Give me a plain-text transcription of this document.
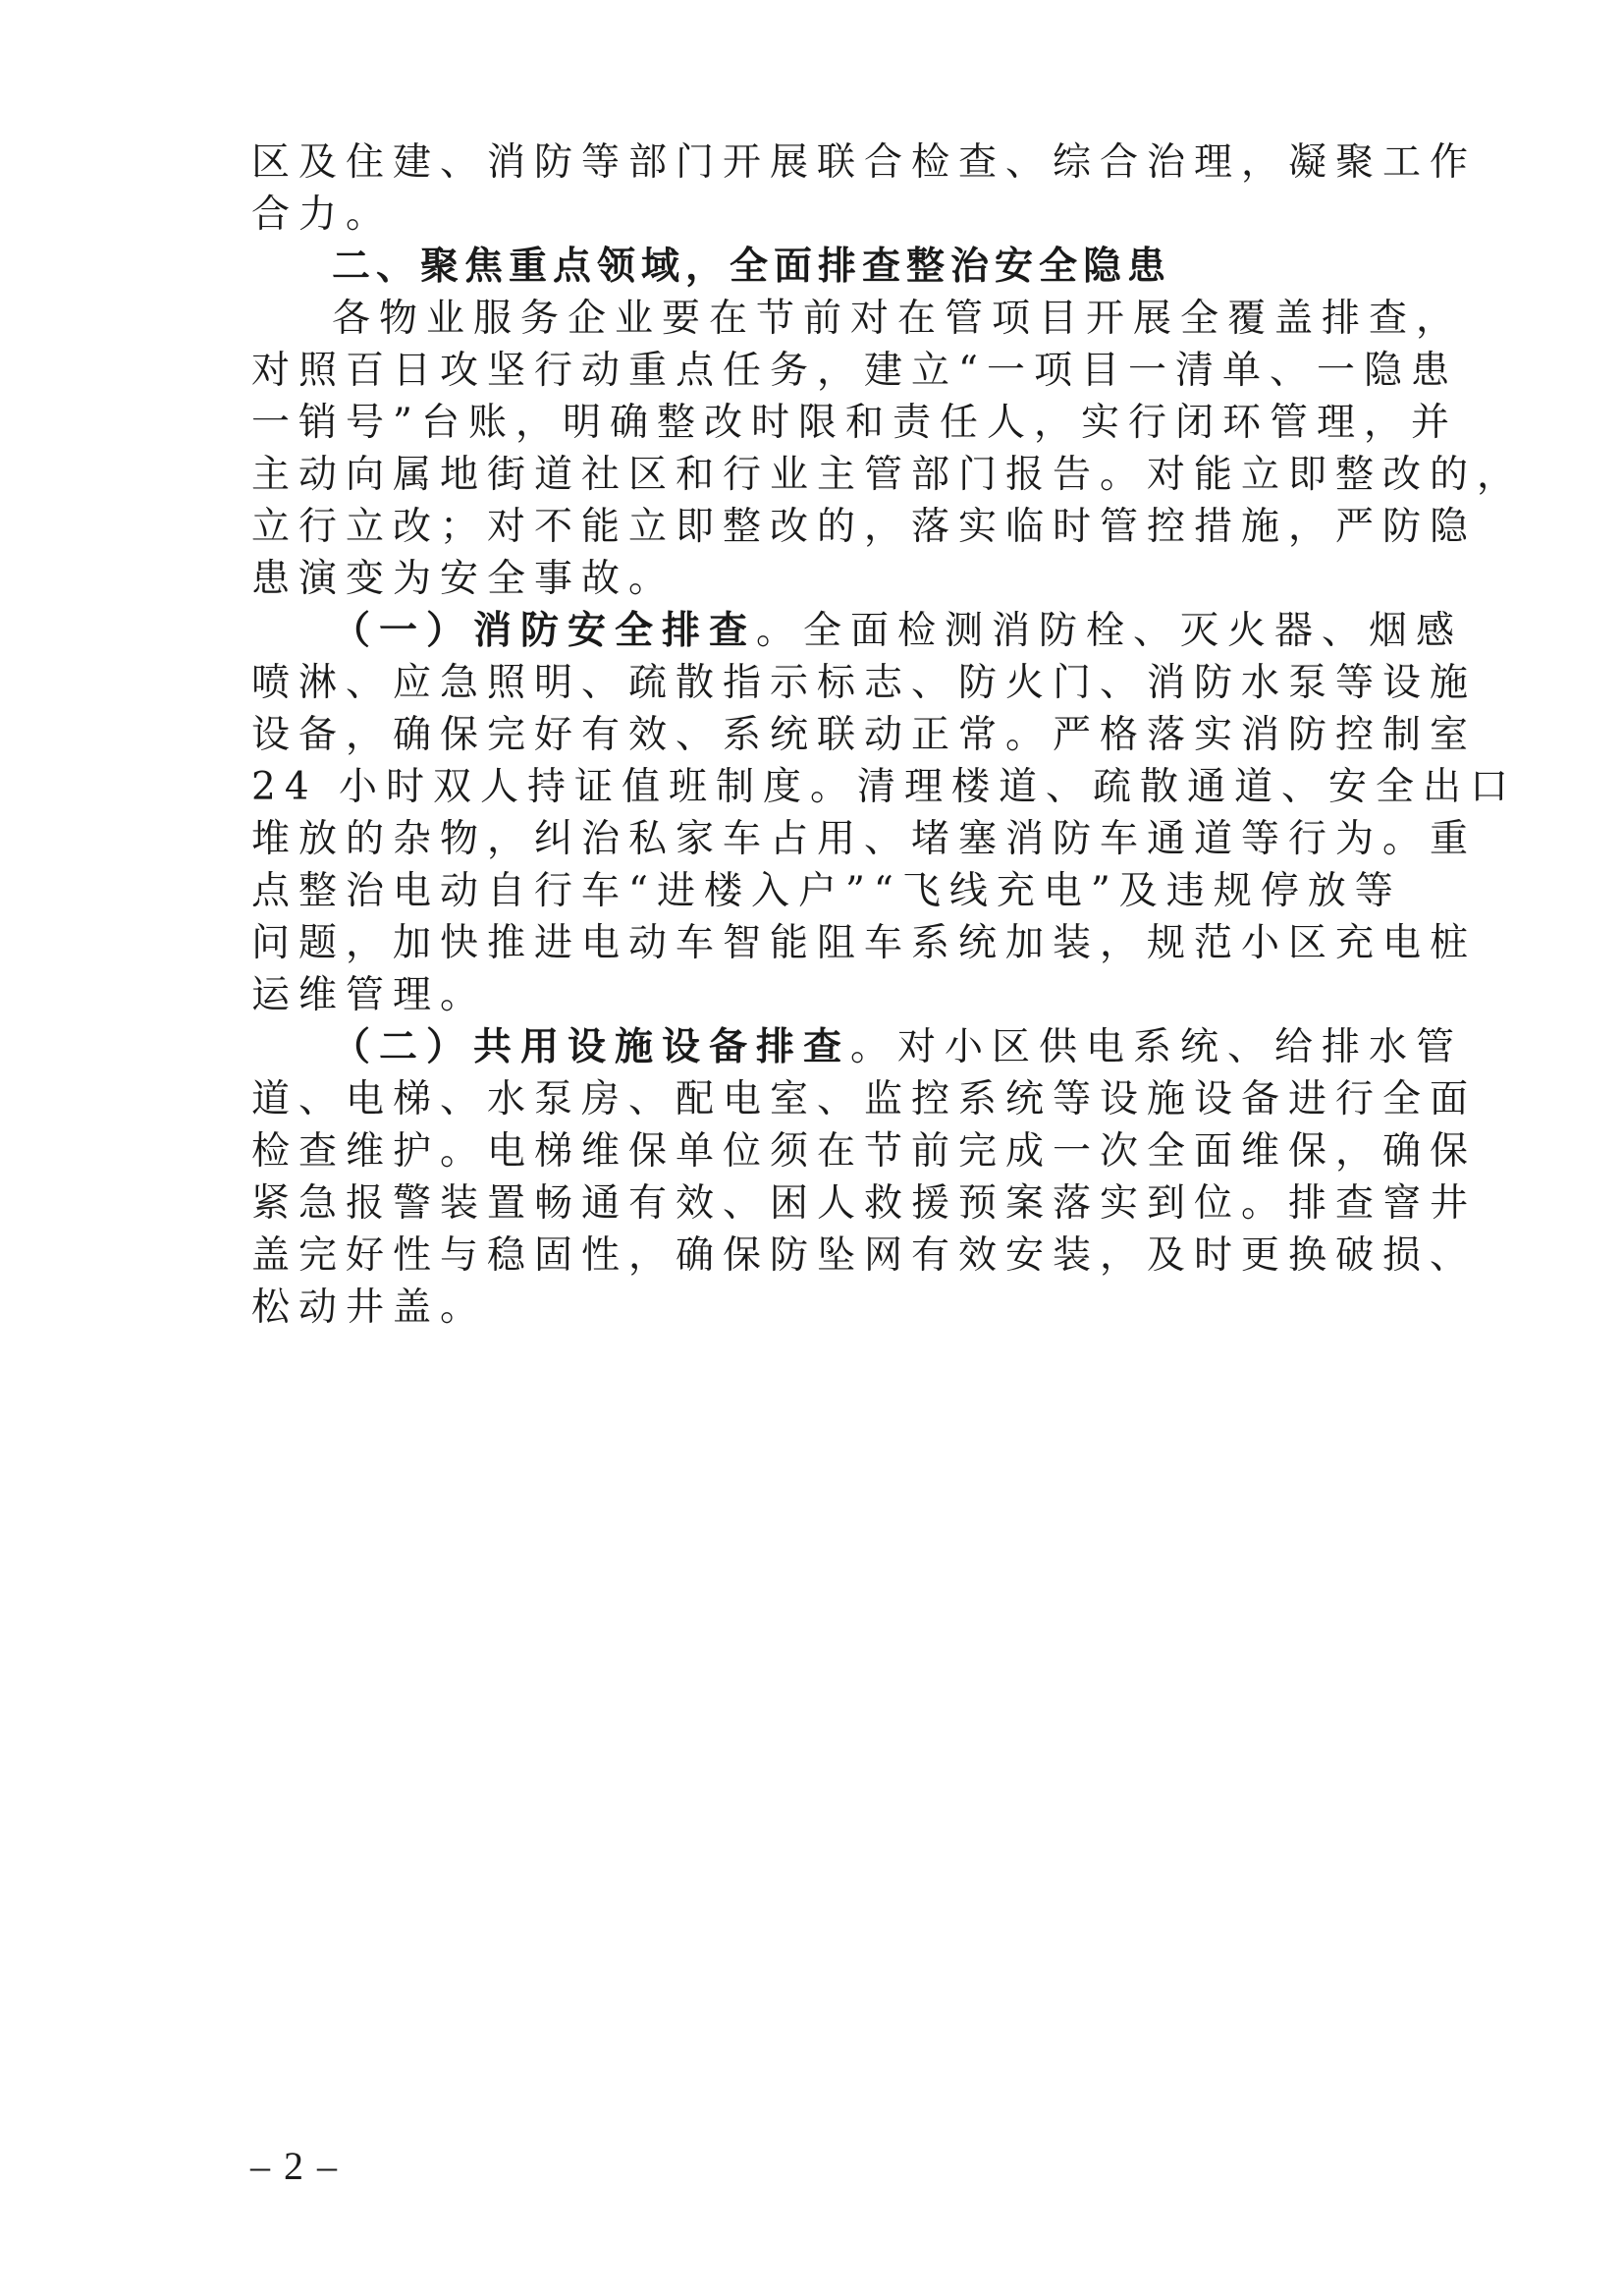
区及住建、消防等部门开展联合检查、综合治理，凝聚工作
合力。
二、聚焦重点领域，全面排查整治安全隐患
各物业服务企业要在节前对在管项目开展全覆盖排查，
对照百日攻坚行动重点任务，建立“一项目一清单、一隐患
一销号”台账，明确整改时限和责任人，实行闭环管理，并
主动向属地街道社区和行业主管部门报告。对能立即整改的，
立行立改；对不能立即整改的，落实临时管控措施，严防隐
患演变为安全事故。
（一）消防安全排查。全面检测消防栓、灭火器、烟感
喷淋、应急照明、疏散指示标志、防火门、消防水泵等设施
设备，确保完好有效、系统联动正常。严格落实消防控制室
24 小时双人持证值班制度。清理楼道、疏散通道、安全出口
堆放的杂物，纠治私家车占用、堵塞消防车通道等行为。重
点整治电动自行车“进楼入户”“飞线充电”及违规停放等
问题，加快推进电动车智能阻车系统加装，规范小区充电桩
运维管理。
（二）共用设施设备排查。对小区供电系统、给排水管
道、电梯、水泵房、配电室、监控系统等设施设备进行全面
检查维护。电梯维保单位须在节前完成一次全面维保，确保
紧急报警装置畅通有效、困人救援预案落实到位。排查窨井
盖完好性与稳固性，确保防坠网有效安装，及时更换破损、
松动井盖。
– 2 –
